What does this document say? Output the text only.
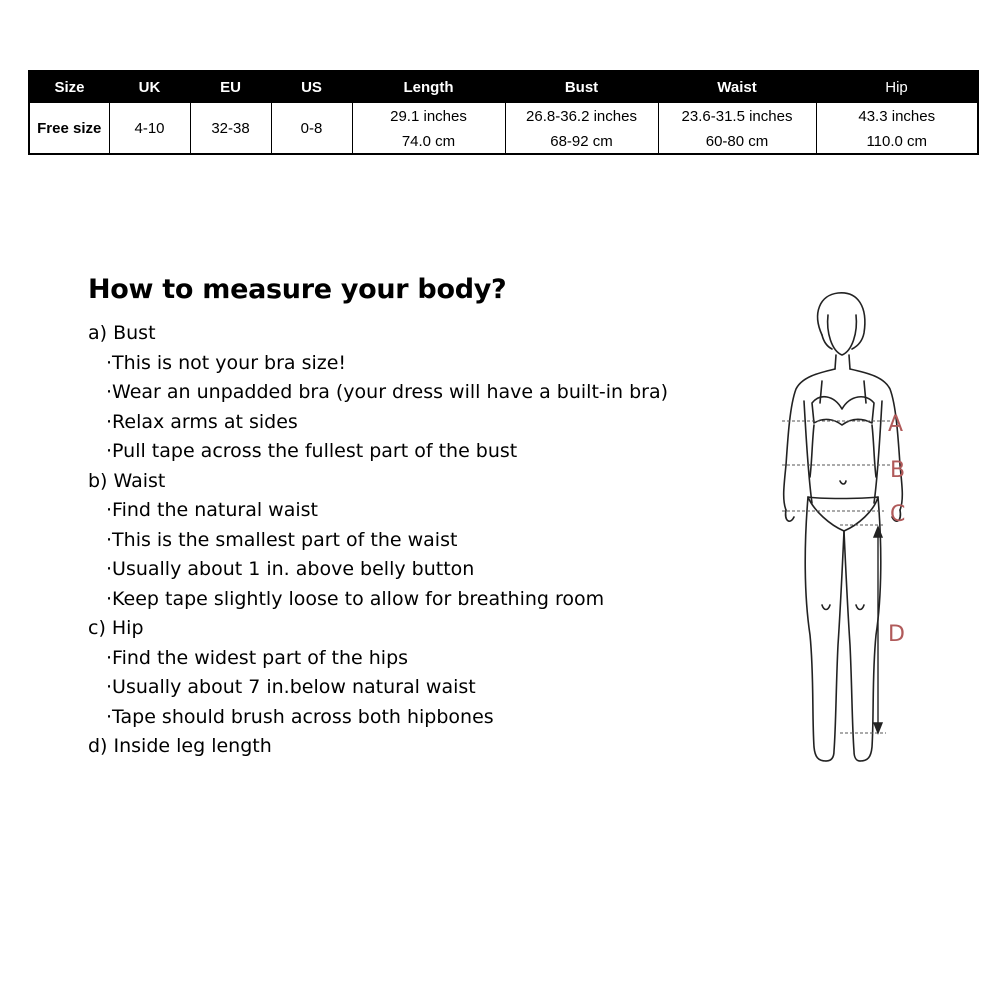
Size	UK	EU	US	Length	Bust	Waist	Hip
Free size	4-10	32-38	0-8	29.1 inches	26.8-36.2 inches	23.6-31.5 inches	43.3 inches
				74.0 cm	68-92 cm	60-80 cm	110.0 cm
How to measure your body?
a) Bust
·This is not your bra size!
·Wear an unpadded bra (your dress will have a built-in bra)
·Relax arms at sides
·Pull tape across the fullest part of the bust
b) Waist
·Find the natural waist
·This is the smallest part of the waist
·Usually about 1 in. above belly button
·Keep tape slightly loose to allow for breathing room
c) Hip
·Find the widest part of the hips
·Usually about 7 in.below natural waist
·Tape should brush across both hipbones
d) Inside leg length
A
B
C
D
